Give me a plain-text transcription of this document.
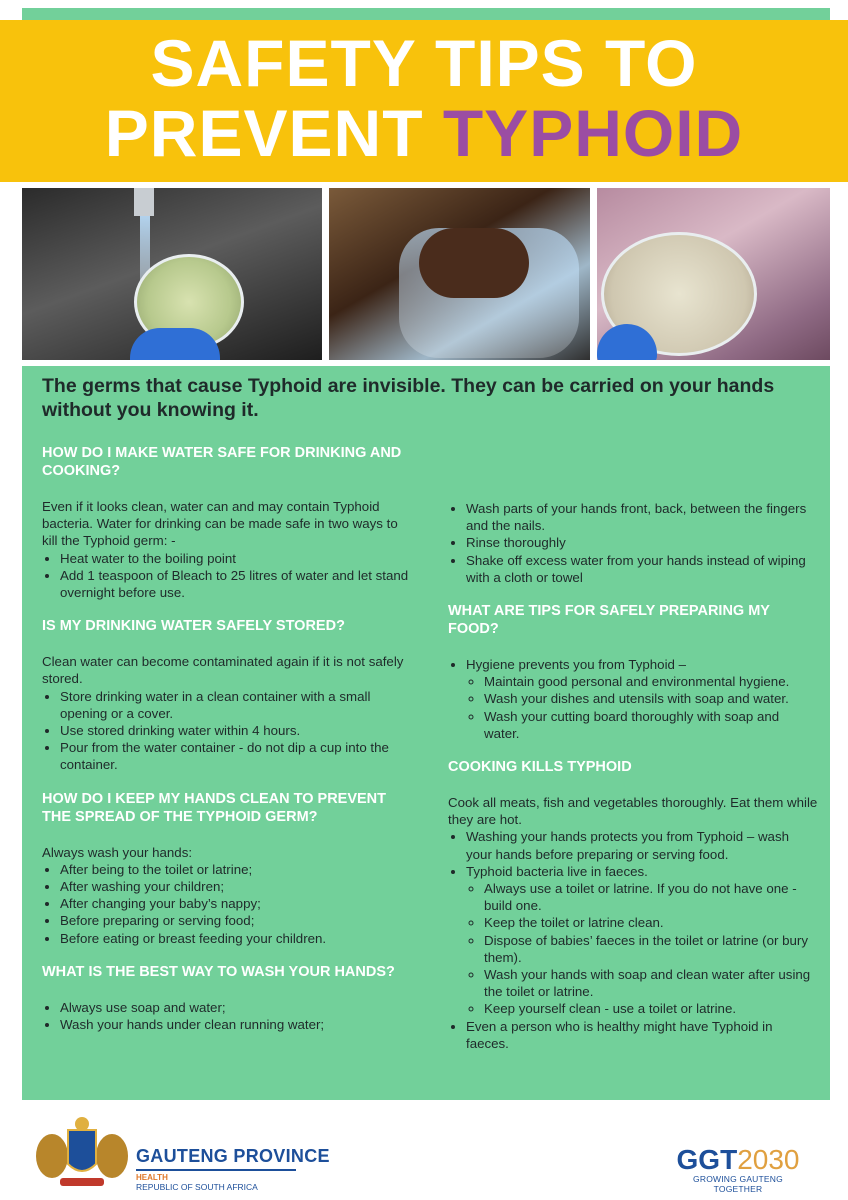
SAFETY TIPS TO
PREVENT TYPHOID
The germs that cause Typhoid are invisible. They can be carried on your hands without you knowing it.
HOW DO I MAKE WATER SAFE FOR DRINKING AND COOKING?

Even if it looks clean, water can and may contain Typhoid bacteria. Water for drinking can be made safe in two ways to kill the Typhoid germ: -

• Heat water to the boiling point
• Add 1 teaspoon of Bleach to 25 litres of water and let stand overnight before use.
IS MY DRINKING WATER SAFELY STORED?

Clean water can become contaminated again if it is not safely stored.

• Store drinking water in a clean container with a small opening or a cover.
• Use stored drinking water within 4 hours.
• Pour from the water container - do not dip a cup into the container.
HOW DO I KEEP MY HANDS CLEAN TO PREVENT THE SPREAD OF THE TYPHOID GERM?

Always wash your hands:

• After being to the toilet or latrine;
• After washing your children;
• After changing your baby’s nappy;
• Before preparing or serving food;
• Before eating or breast feeding your children.
WHAT IS THE BEST WAY TO WASH YOUR HANDS?
• Always use soap and water;
• Wash your hands under clean running water;
• Wash parts of your hands front, back, between the fingers and the nails.
• Rinse thoroughly
• Shake off excess water from your hands instead of wiping with a cloth or towel
WHAT ARE TIPS FOR SAFELY PREPARING MY FOOD?
• Hygiene prevents you from Typhoid –
◦ Maintain good personal and environmental hygiene.
◦ Wash your dishes and utensils with soap and water.
◦ Wash your cutting board thoroughly with soap and water.
COOKING KILLS TYPHOID

Cook all meats, fish and vegetables thoroughly. Eat them while they are hot.

• Washing your hands protects you from Typhoid – wash your hands before preparing or serving food.
• Typhoid bacteria live in faeces.
◦ Always use a toilet or latrine. If you do not have one - build one.
◦ Keep the toilet or latrine clean.
◦ Dispose of babies’ faeces in the toilet or latrine (or bury them).
◦ Wash your hands with soap and clean water after using the toilet or latrine.
◦ Keep yourself clean - use a toilet or latrine.
• Even a person who is healthy might have Typhoid in faeces.
GAUTENG PROVINCE
HEALTH
REPUBLIC OF SOUTH AFRICA
GGT2030
GROWING GAUTENG TOGETHER
